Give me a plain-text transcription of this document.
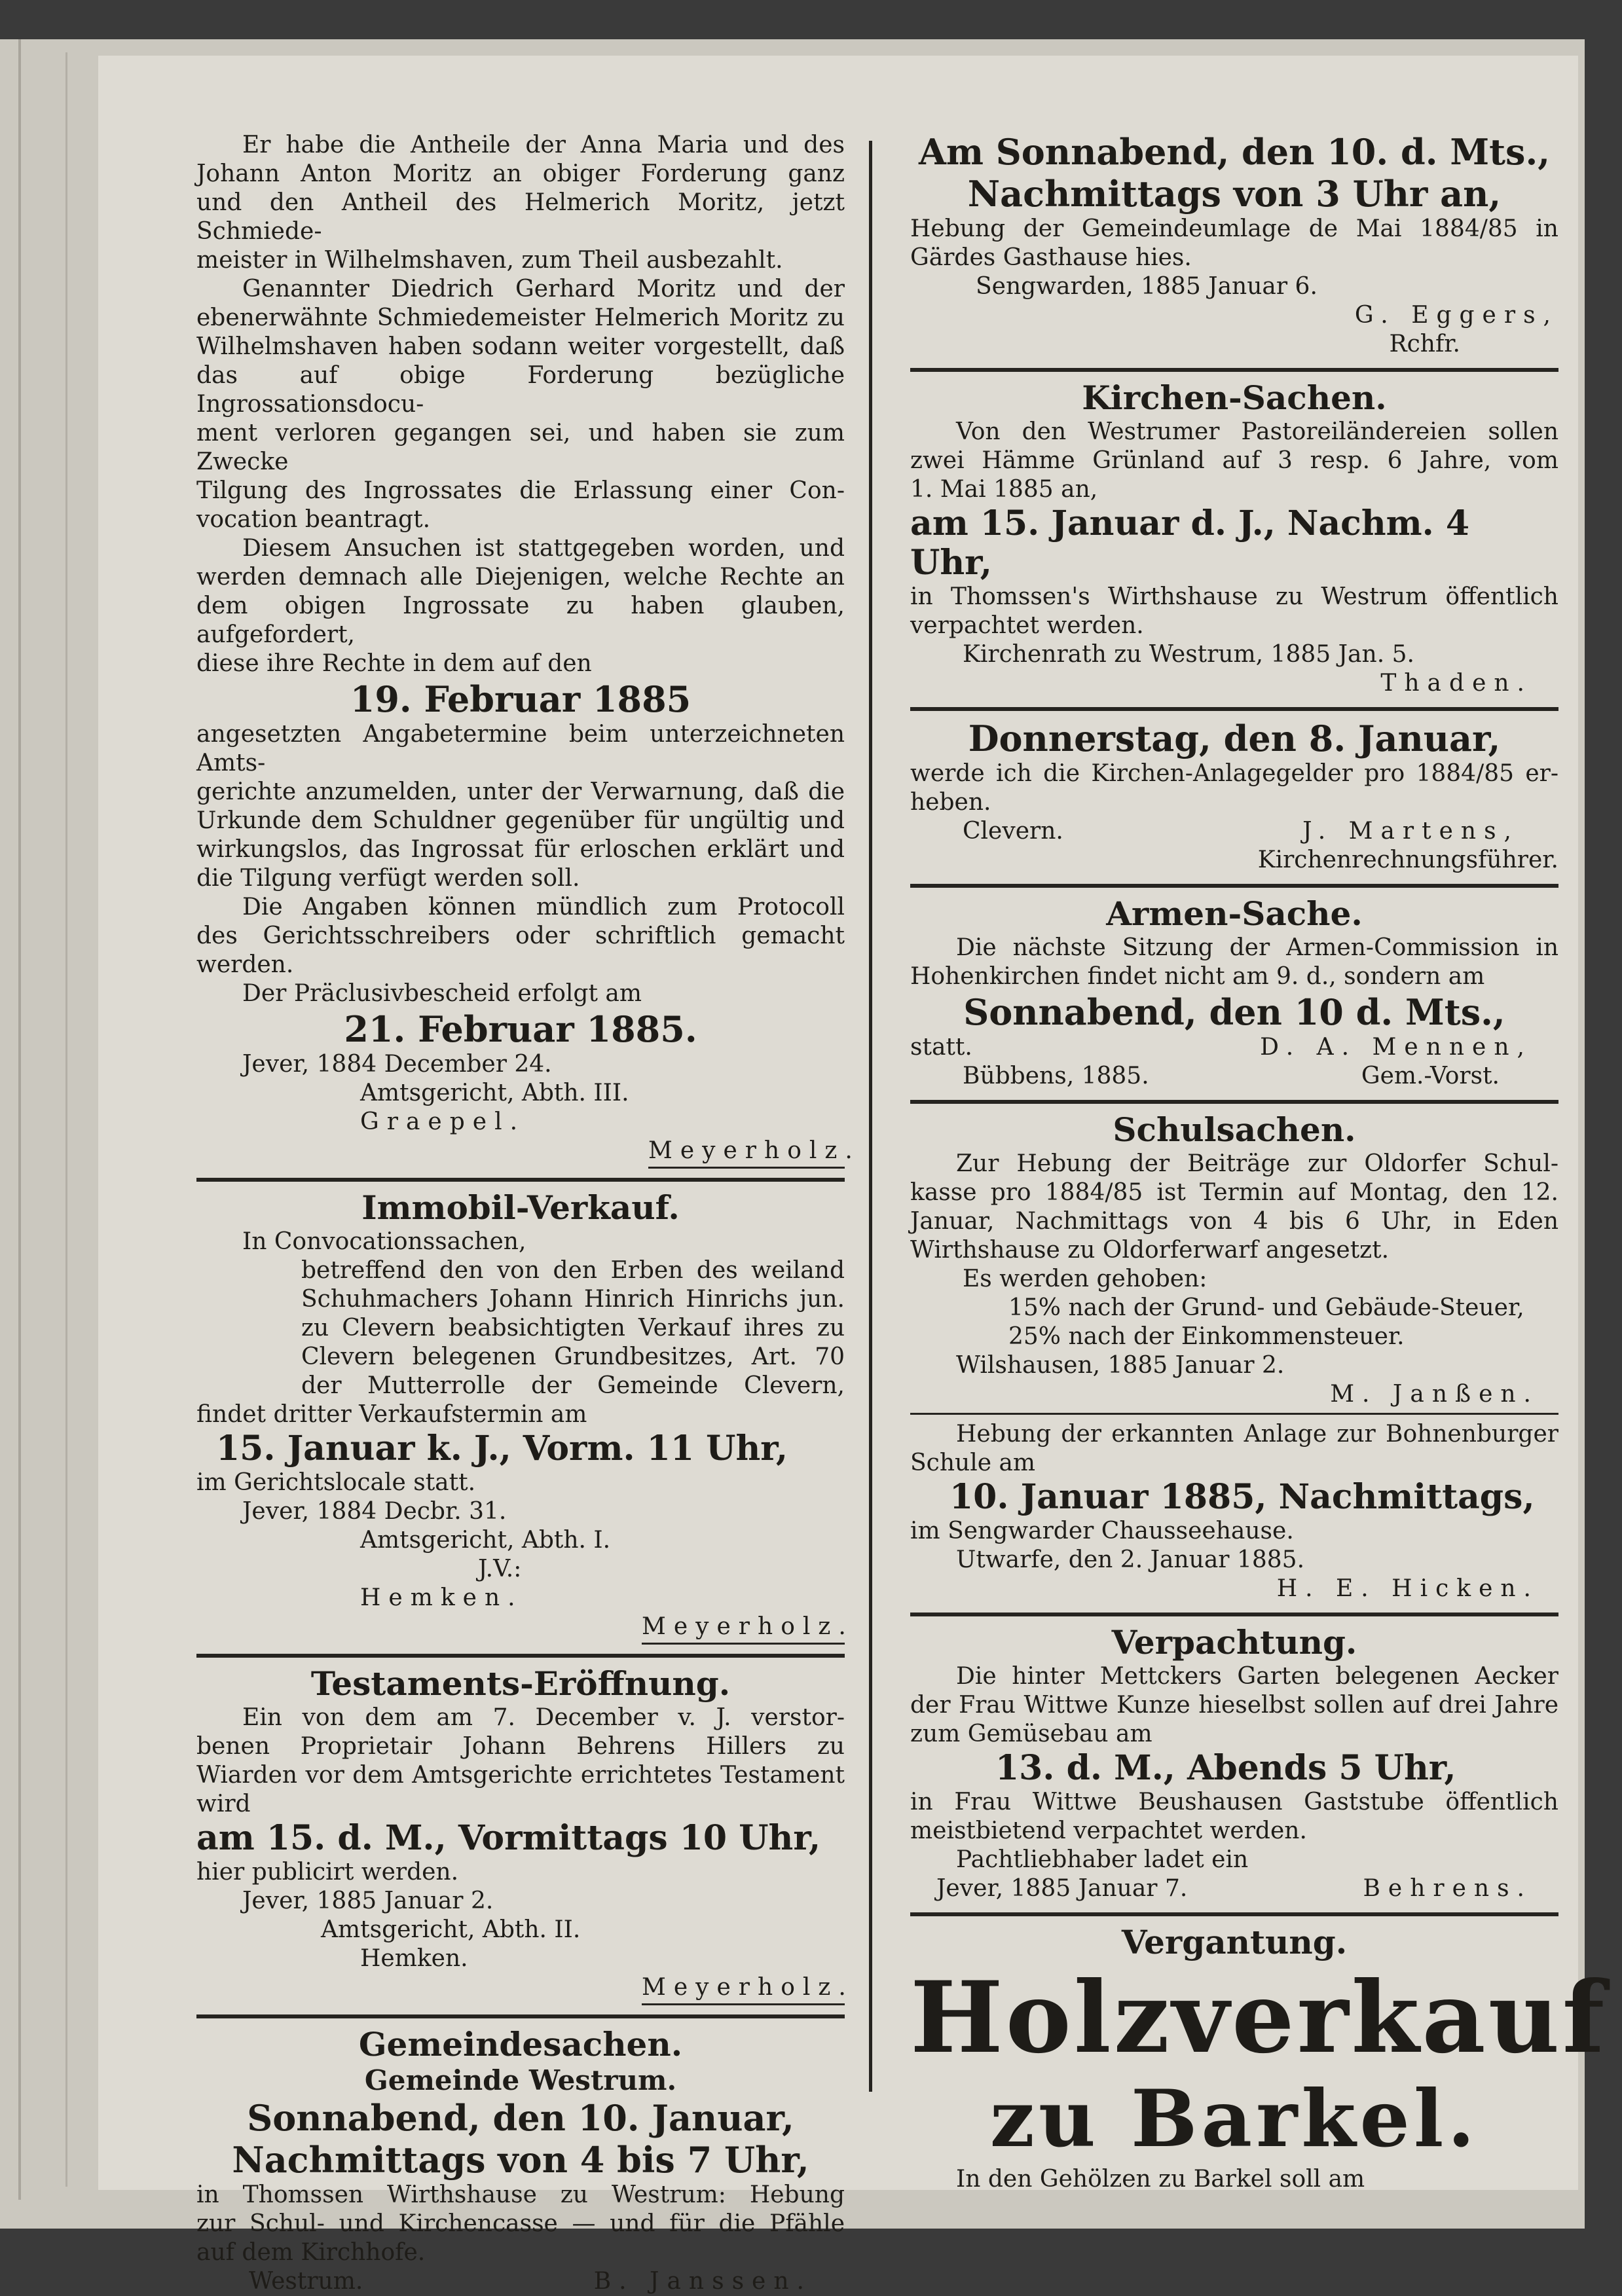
Er habe die Antheile der Anna Maria und des

Johann Anton Moritz an obiger Forderung ganz

und den Antheil des Helmerich Moritz, jetzt Schmiede-

meister in Wilhelmshaven, zum Theil ausbezahlt.

Genannter Diedrich Gerhard Moritz und der

ebenerwähnte Schmiedemeister Helmerich Moritz zu

Wilhelmshaven haben sodann weiter vorgestellt, daß

das auf obige Forderung bezügliche Ingrossationsdocu-

ment verloren gegangen sei, und haben sie zum Zwecke

Tilgung des Ingrossates die Erlassung einer Con-

vocation beantragt.

Diesem Ansuchen ist stattgegeben worden, und

werden demnach alle Diejenigen, welche Rechte an

dem obigen Ingrossate zu haben glauben, aufgefordert,

diese ihre Rechte in dem auf den

19. Februar 1885

angesetzten Angabetermine beim unterzeichneten Amts-

gerichte anzumelden, unter der Verwarnung, daß die

Urkunde dem Schuldner gegenüber für ungültig und

wirkungslos, das Ingrossat für erloschen erklärt und

die Tilgung verfügt werden soll.

Die Angaben können mündlich zum Protocoll

des Gerichtsschreibers oder schriftlich gemacht werden.

Der Präclusivbescheid erfolgt am

21. Februar 1885.

Jever, 1884 December 24.

Amtsgericht, Abth. III.

Graepel.

Meyerholz.

Immobil-Verkauf.

In Convocationssachen,

betreffend den von den Erben des weiland

Schuhmachers Johann Hinrich Hinrichs jun.

zu Clevern beabsichtigten Verkauf ihres zu

Clevern belegenen Grundbesitzes, Art. 70

der Mutterrolle der Gemeinde Clevern,

findet dritter Verkaufstermin am

15. Januar k. J., Vorm. 11 Uhr,

im Gerichtslocale statt.

Jever, 1884 Decbr. 31.

Amtsgericht, Abth. I.

J.V.:

Hemken.

Meyerholz.

Testaments-Eröffnung.

Ein von dem am 7. December v. J. verstor-

benen Proprietair Johann Behrens Hillers zu

Wiarden vor dem Amtsgerichte errichtetes Testament

wird

am 15. d. M., Vormittags 10 Uhr,

hier publicirt werden.

Jever, 1885 Januar 2.

Amtsgericht, Abth. II.

Hemken.

Meyerholz.

Gemeindesachen.

Gemeinde Westrum.

Sonnabend, den 10. Januar,

Nachmittags von 4 bis 7 Uhr,

in Thomssen Wirthshause zu Westrum: Hebung

zur Schul- und Kirchencasse — und für die Pfähle

auf dem Kirchhofe.

Westrum.	B. Janssen.

Am Sonnabend, den 10. d. Mts.,

Nachmittags von 3 Uhr an,

Hebung der Gemeindeumlage de Mai 1884/85 in

Gärdes Gasthause hies.

Sengwarden, 1885 Januar 6.

G. Eggers,

Rchfr.

Kirchen-Sachen.

Von den Westrumer Pastoreiländereien sollen

zwei Hämme Grünland auf 3 resp. 6 Jahre, vom

1. Mai 1885 an,

am 15. Januar d. J., Nachm. 4 Uhr,

in Thomssen's Wirthshause zu Westrum öffentlich

verpachtet werden.

Kirchenrath zu Westrum, 1885 Jan. 5.

Thaden.

Donnerstag, den 8. Januar,

werde ich die Kirchen-Anlagegelder pro 1884/85 er-

heben.

Clevern.	J. Martens,

Kirchenrechnungsführer.

Armen-Sache.

Die nächste Sitzung der Armen-Commission in

Hohenkirchen findet nicht am 9. d., sondern am

Sonnabend, den 10 d. Mts.,

statt.	D. A. Mennen,

Bübbens, 1885.	Gem.-Vorst.

Schulsachen.

Zur Hebung der Beiträge zur Oldorfer Schul-

kasse pro 1884/85 ist Termin auf Montag, den 12.

Januar, Nachmittags von 4 bis 6 Uhr, in Eden

Wirthshause zu Oldorferwarf angesetzt.

Es werden gehoben:

15% nach der Grund- und Gebäude-Steuer,

25% nach der Einkommensteuer.

Wilshausen, 1885 Januar 2.

M. Janßen.

Hebung der erkannten Anlage zur Bohnenburger

Schule am

10. Januar 1885, Nachmittags,

im Sengwarder Chausseehause.

Utwarfe, den 2. Januar 1885.

H. E. Hicken.

Verpachtung.

Die hinter Mettckers Garten belegenen Aecker

der Frau Wittwe Kunze hieselbst sollen auf drei Jahre

zum Gemüsebau am

13. d. M., Abends 5 Uhr,

in Frau Wittwe Beushausen Gaststube öffentlich

meistbietend verpachtet werden.

Pachtliebhaber ladet ein

Jever, 1885 Januar 7.	Behrens.

Vergantung.

Holzverkauf

zu Barkel.

In den Gehölzen zu Barkel soll am
